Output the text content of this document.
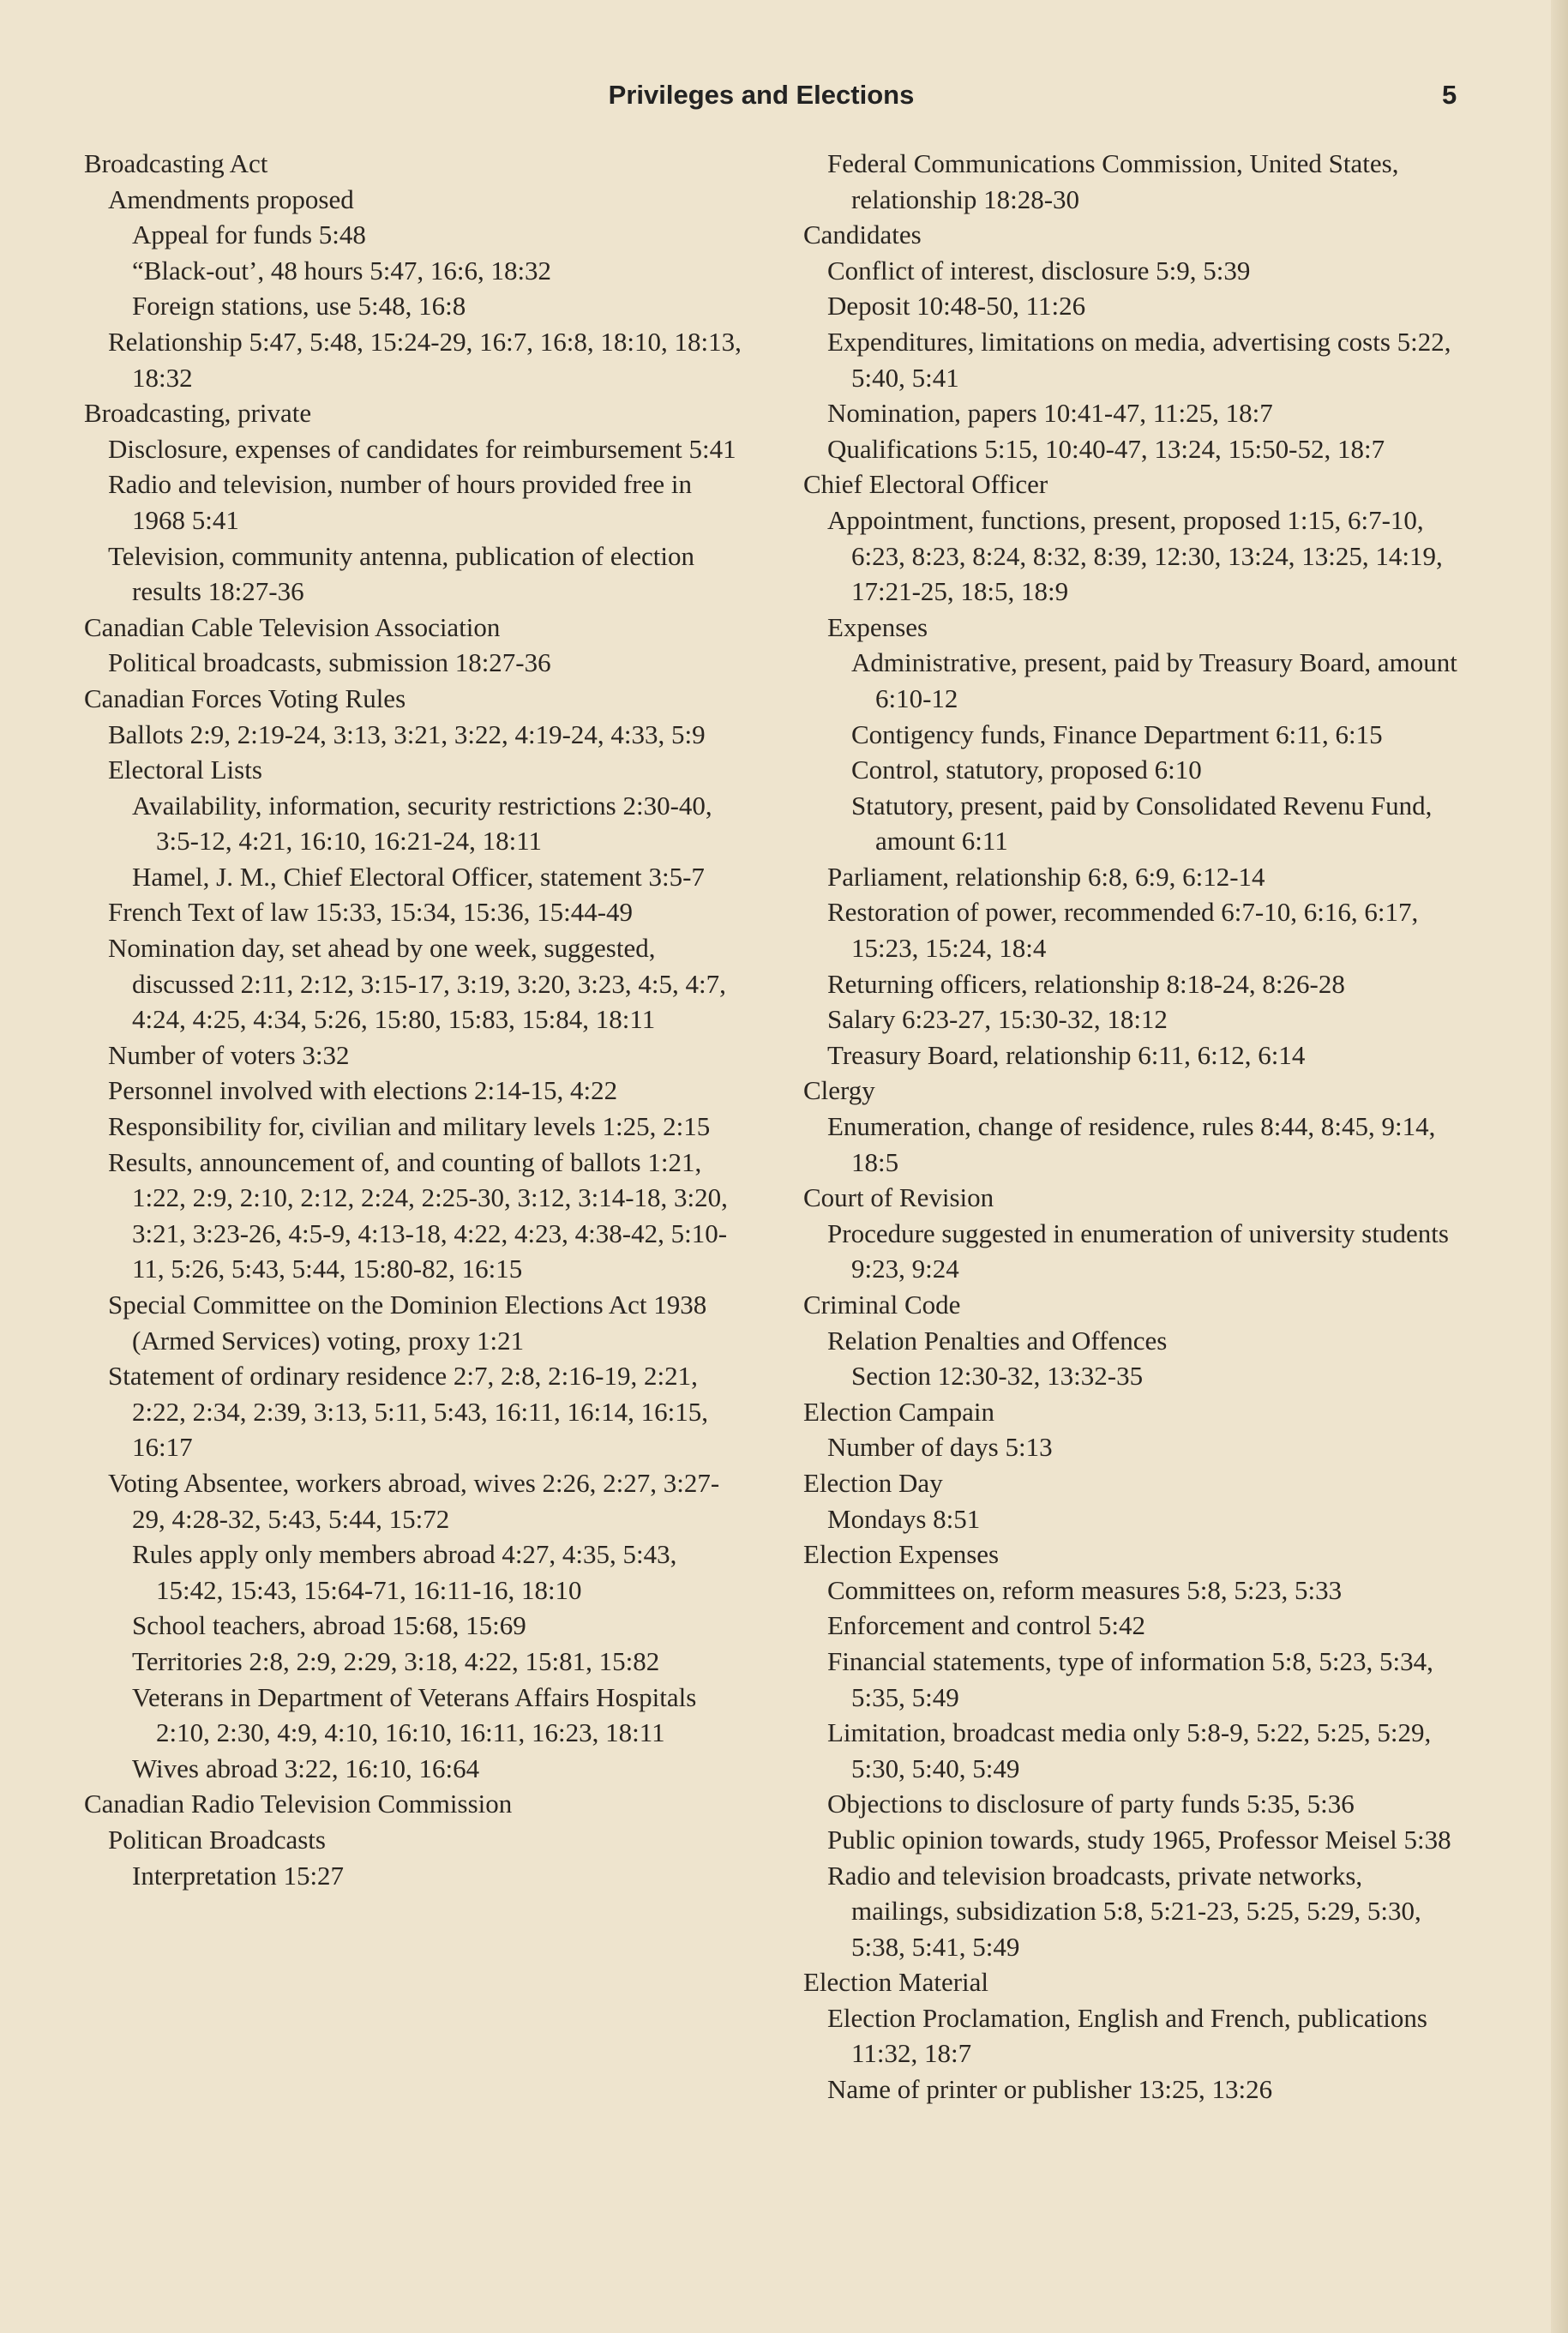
Privileges and Elections	5
Broadcasting Act
Amendments proposed
Appeal for funds 5:48
“Black-out’, 48 hours 5:47, 16:6, 18:32
Foreign stations, use 5:48, 16:8
Relationship 5:47, 5:48, 15:24-29, 16:7, 16:8, 18:10, 18:13, 18:32
Broadcasting, private
Disclosure, expenses of candidates for reimbursement 5:41
Radio and television, number of hours provided free in 1968 5:41
Television, community antenna, publication of election results 18:27-36
Canadian Cable Television Association
Political broadcasts, submission 18:27-36
Canadian Forces Voting Rules
Ballots 2:9, 2:19-24, 3:13, 3:21, 3:22, 4:19-24, 4:33, 5:9
Electoral Lists
Availability, information, security restrictions 2:30-40, 3:5-12, 4:21, 16:10, 16:21-24, 18:11
Hamel, J. M., Chief Electoral Officer, statement 3:5-7
French Text of law 15:33, 15:34, 15:36, 15:44-49
Nomination day, set ahead by one week, suggested, discussed 2:11, 2:12, 3:15-17, 3:19, 3:20, 3:23, 4:5, 4:7, 4:24, 4:25, 4:34, 5:26, 15:80, 15:83, 15:84, 18:11
Number of voters 3:32
Personnel involved with elections 2:14-15, 4:22
Responsibility for, civilian and military levels 1:25, 2:15
Results, announcement of, and counting of ballots 1:21, 1:22, 2:9, 2:10, 2:12, 2:24, 2:25-30, 3:12, 3:14-18, 3:20, 3:21, 3:23-26, 4:5-9, 4:13-18, 4:22, 4:23, 4:38-42, 5:10-11, 5:26, 5:43, 5:44, 15:80-82, 16:15
Special Committee on the Dominion Elections Act 1938 (Armed Services) voting, proxy 1:21
Statement of ordinary residence 2:7, 2:8, 2:16-19, 2:21, 2:22, 2:34, 2:39, 3:13, 5:11, 5:43, 16:11, 16:14, 16:15, 16:17
Voting Absentee, workers abroad, wives 2:26, 2:27, 3:27-29, 4:28-32, 5:43, 5:44, 15:72
Rules apply only members abroad 4:27, 4:35, 5:43, 15:42, 15:43, 15:64-71, 16:11-16, 18:10
School teachers, abroad 15:68, 15:69
Territories 2:8, 2:9, 2:29, 3:18, 4:22, 15:81, 15:82
Veterans in Department of Veterans Affairs Hospitals 2:10, 2:30, 4:9, 4:10, 16:10, 16:11, 16:23, 18:11
Wives abroad 3:22, 16:10, 16:64
Canadian Radio Television Commission
Politican Broadcasts
Interpretation 15:27
Federal Communications Commission, United States, relationship 18:28-30
Candidates
Conflict of interest, disclosure 5:9, 5:39
Deposit 10:48-50, 11:26
Expenditures, limitations on media, advertising costs 5:22, 5:40, 5:41
Nomination, papers 10:41-47, 11:25, 18:7
Qualifications 5:15, 10:40-47, 13:24, 15:50-52, 18:7
Chief Electoral Officer
Appointment, functions, present, proposed 1:15, 6:7-10, 6:23, 8:23, 8:24, 8:32, 8:39, 12:30, 13:24, 13:25, 14:19, 17:21-25, 18:5, 18:9
Expenses
Administrative, present, paid by Treasury Board, amount 6:10-12
Contigency funds, Finance Department 6:11, 6:15
Control, statutory, proposed 6:10
Statutory, present, paid by Consolidated Revenu Fund, amount 6:11
Parliament, relationship 6:8, 6:9, 6:12-14
Restoration of power, recommended 6:7-10, 6:16, 6:17, 15:23, 15:24, 18:4
Returning officers, relationship 8:18-24, 8:26-28
Salary 6:23-27, 15:30-32, 18:12
Treasury Board, relationship 6:11, 6:12, 6:14
Clergy
Enumeration, change of residence, rules 8:44, 8:45, 9:14, 18:5
Court of Revision
Procedure suggested in enumeration of university students 9:23, 9:24
Criminal Code
Relation Penalties and Offences
Section 12:30-32, 13:32-35
Election Campain
Number of days 5:13
Election Day
Mondays 8:51
Election Expenses
Committees on, reform measures 5:8, 5:23, 5:33
Enforcement and control 5:42
Financial statements, type of information 5:8, 5:23, 5:34, 5:35, 5:49
Limitation, broadcast media only 5:8-9, 5:22, 5:25, 5:29, 5:30, 5:40, 5:49
Objections to disclosure of party funds 5:35, 5:36
Public opinion towards, study 1965, Professor Meisel 5:38
Radio and television broadcasts, private networks, mailings, subsidization 5:8, 5:21-23, 5:25, 5:29, 5:30, 5:38, 5:41, 5:49
Election Material
Election Proclamation, English and French, publications 11:32, 18:7
Name of printer or publisher 13:25, 13:26
